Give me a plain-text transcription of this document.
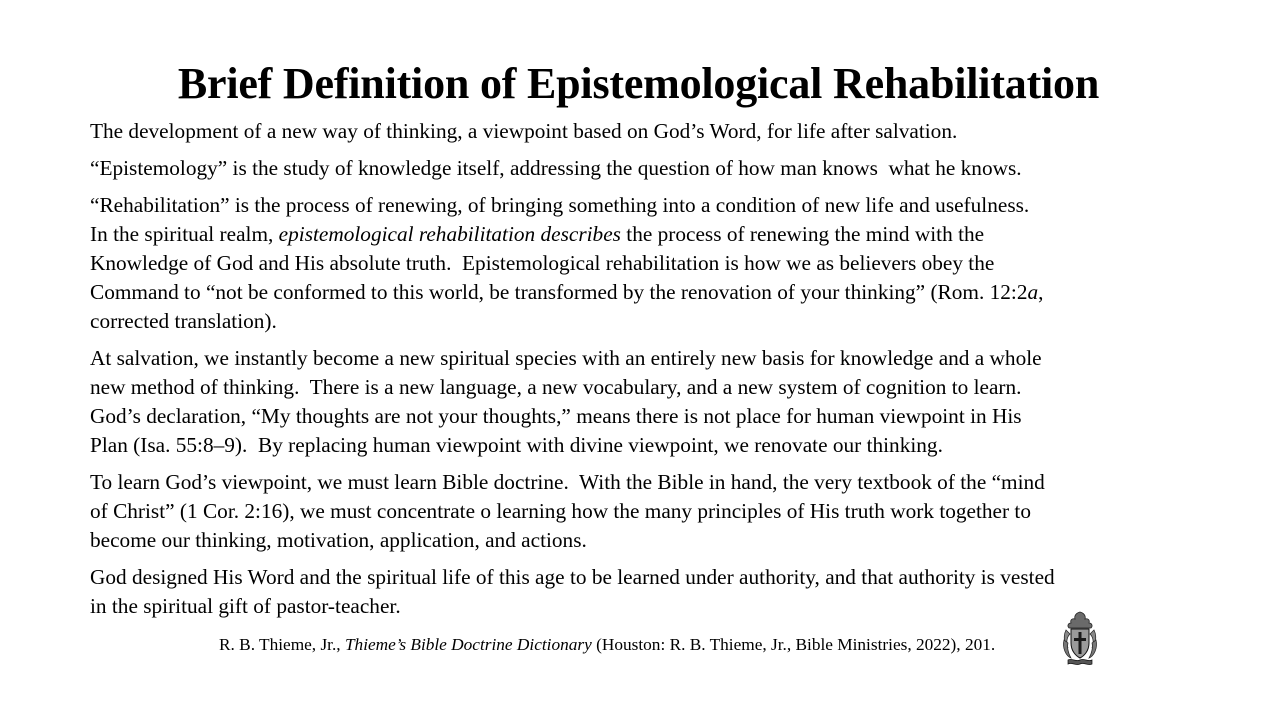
Brief Definition of Epistemological Rehabilitation

The development of a new way of thinking, a viewpoint based on God’s Word, for life after salvation.

“Epistemology” is the study of knowledge itself, addressing the question of how man knows  what he knows.

“Rehabilitation” is the process of renewing, of bringing something into a condition of new life and usefulness.
In the spiritual realm, epistemological rehabilitation describes the process of renewing the mind with the
Knowledge of God and His absolute truth.  Epistemological rehabilitation is how we as believers obey the
Command to “not be conformed to this world, be transformed by the renovation of your thinking” (Rom. 12:2a,
corrected translation).

At salvation, we instantly become a new spiritual species with an entirely new basis for knowledge and a whole
new method of thinking.  There is a new language, a new vocabulary, and a new system of cognition to learn.
God’s declaration, “My thoughts are not your thoughts,” means there is not place for human viewpoint in His
Plan (Isa. 55:8–9).  By replacing human viewpoint with divine viewpoint, we renovate our thinking.

To learn God’s viewpoint, we must learn Bible doctrine.  With the Bible in hand, the very textbook of the “mind
of Christ” (1 Cor. 2:16), we must concentrate o learning how the many principles of His truth work together to
become our thinking, motivation, application, and actions.

God designed His Word and the spiritual life of this age to be learned under authority, and that authority is vested
in the spiritual gift of pastor-teacher.

R. B. Thieme, Jr., Thieme’s Bible Doctrine Dictionary (Houston: R. B. Thieme, Jr., Bible Ministries, 2022), 201.
